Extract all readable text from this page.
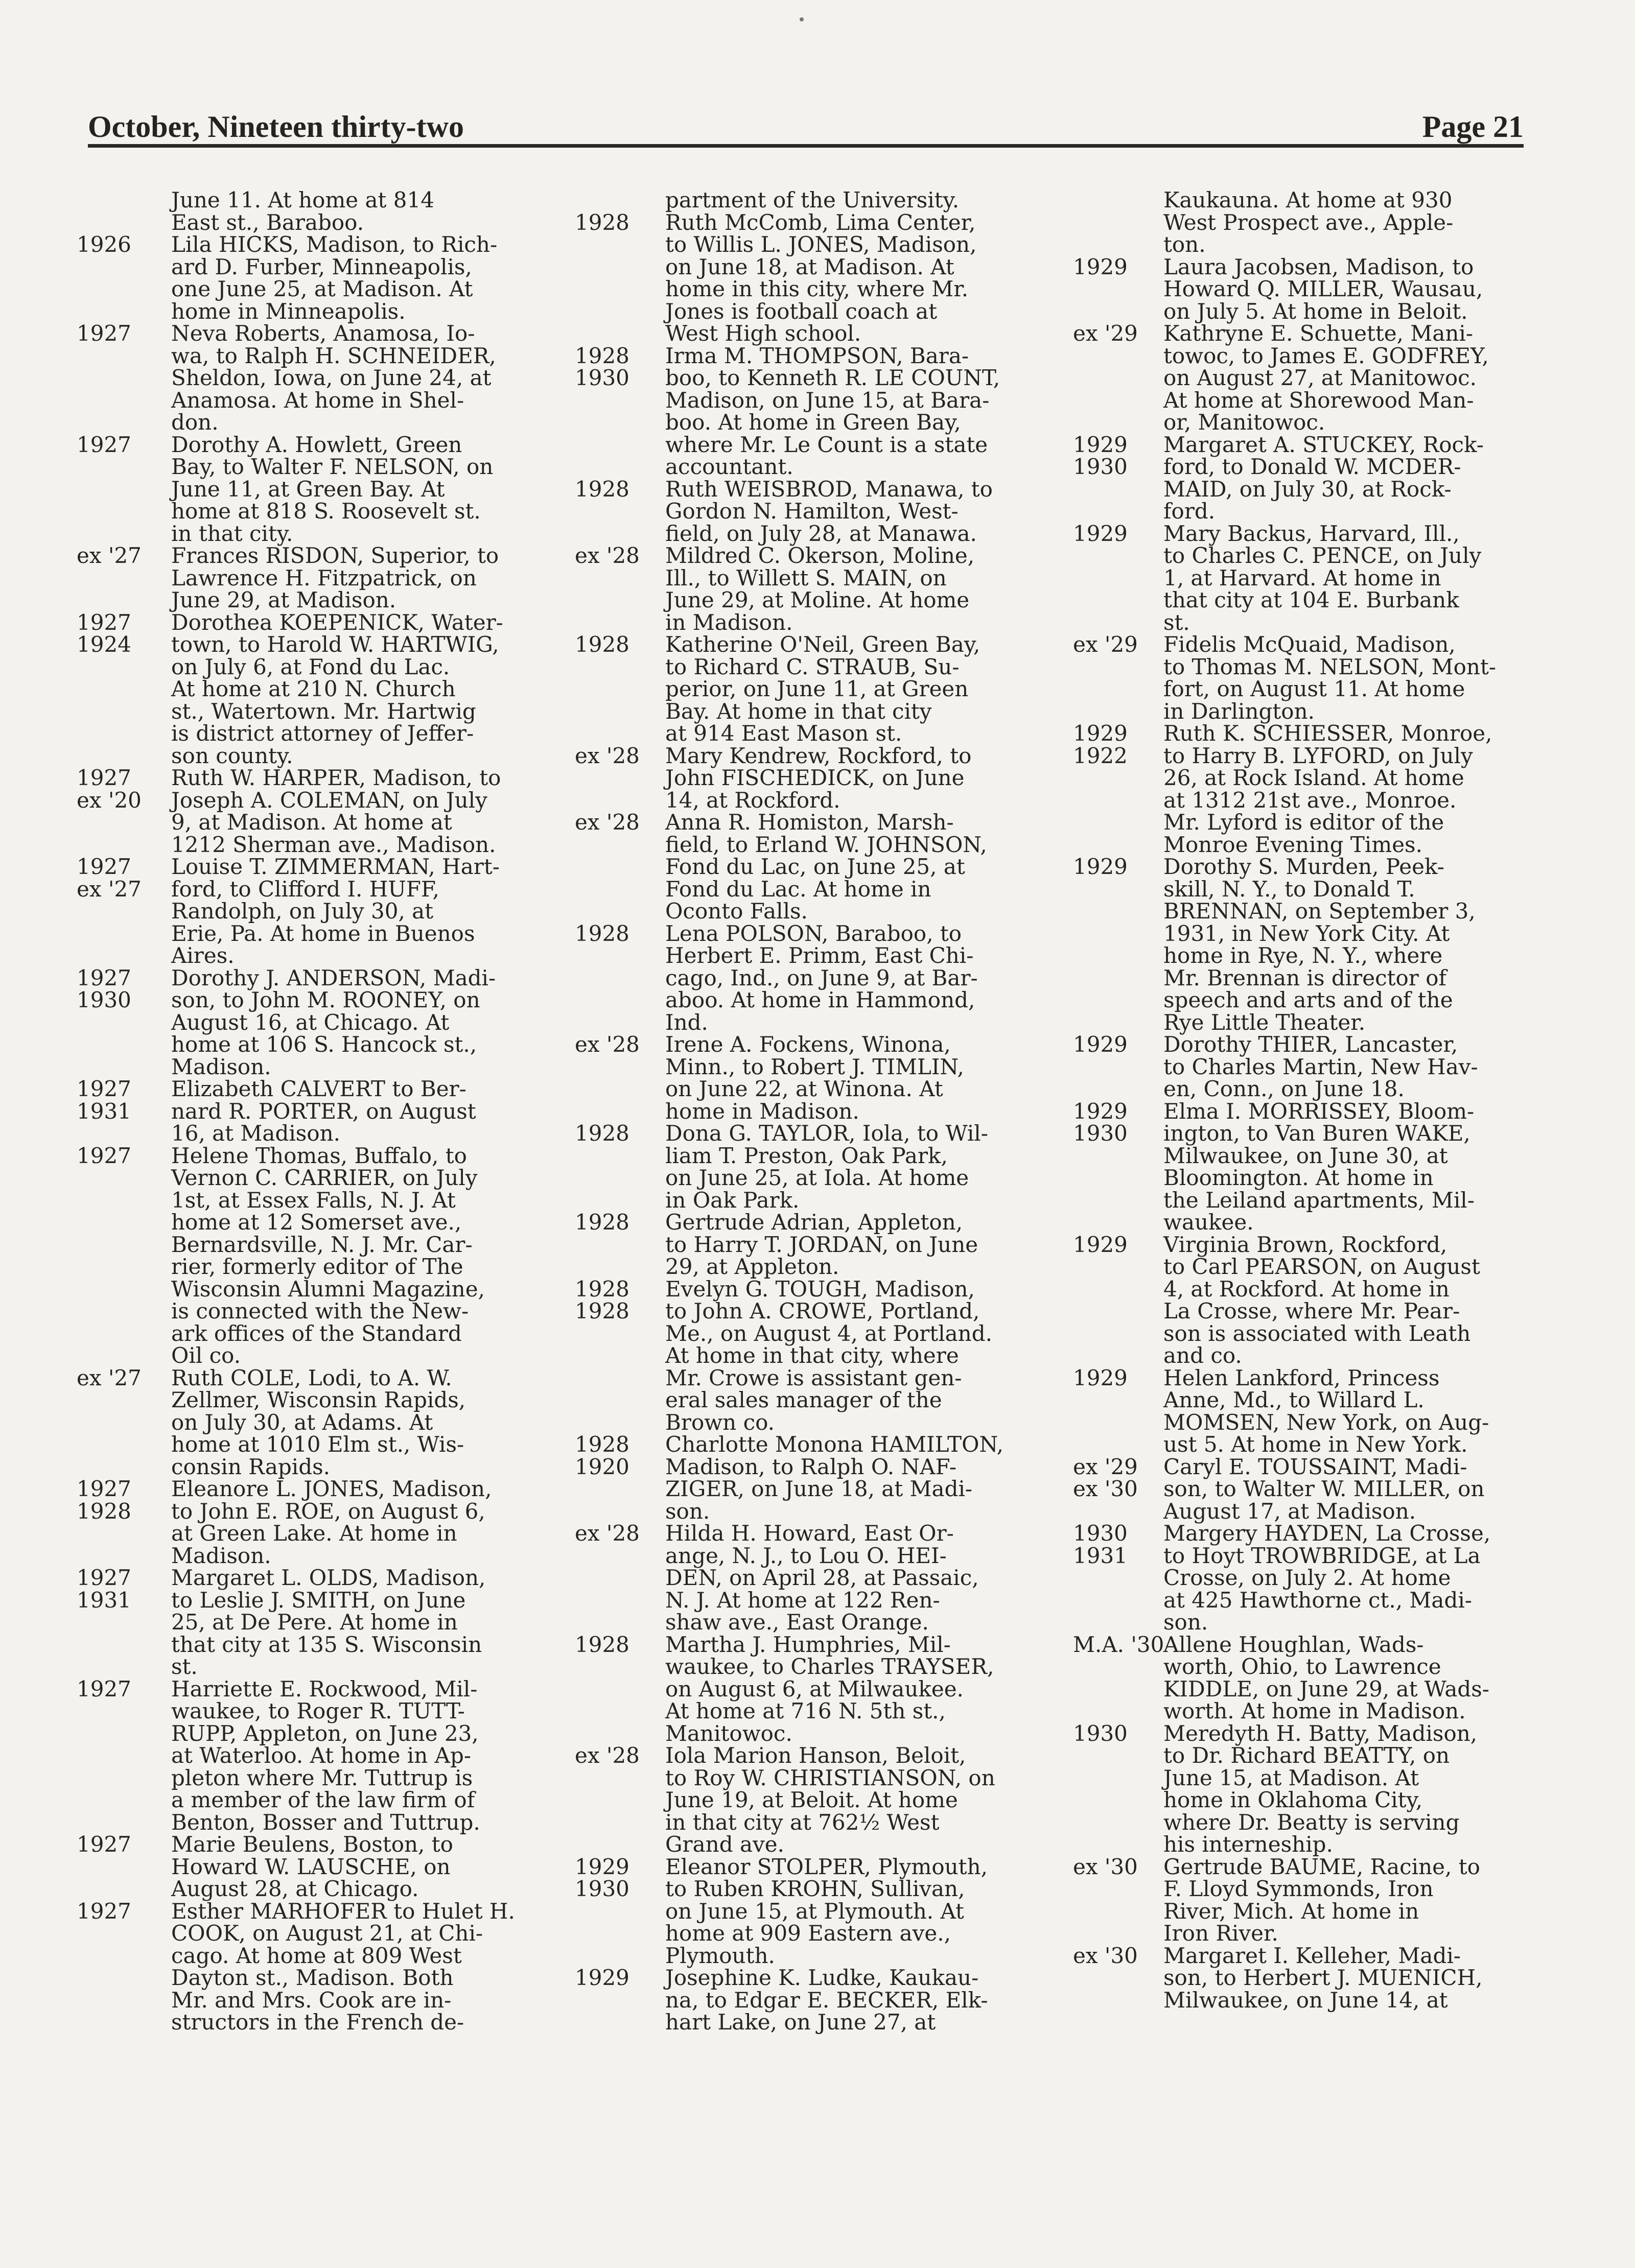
October, Nineteen thirty-two	Page 21
June 11. At home at 814
East st., Baraboo.
1926 Lila HICKS, Madison, to Rich-
ard D. Furber, Minneapolis,
one June 25, at Madison. At
home in Minneapolis.
1927 Neva Roberts, Anamosa, Io-
wa, to Ralph H. SCHNEIDER,
Sheldon, Iowa, on June 24, at
Anamosa. At home in Shel-
don.
1927 Dorothy A. Howlett, Green
Bay, to Walter F. NELSON, on
June 11, at Green Bay. At
home at 818 S. Roosevelt st.
in that city.
ex '27 Frances RISDON, Superior, to
Lawrence H. Fitzpatrick, on
June 29, at Madison.
1927 Dorothea KOEPENICK, Water-
1924 town, to Harold W. HARTWIG,
on July 6, at Fond du Lac.
At home at 210 N. Church
st., Watertown. Mr. Hartwig
is district attorney of Jeffer-
son county.
1927 Ruth W. HARPER, Madison, to
ex '20 Joseph A. COLEMAN, on July
9, at Madison. At home at
1212 Sherman ave., Madison.
1927 Louise T. ZIMMERMAN, Hart-
ex '27 ford, to Clifford I. HUFF,
Randolph, on July 30, at
Erie, Pa. At home in Buenos
Aires.
1927 Dorothy J. ANDERSON, Madi-
1930 son, to John M. ROONEY, on
August 16, at Chicago. At
home at 106 S. Hancock st.,
Madison.
1927 Elizabeth CALVERT to Ber-
1931 nard R. PORTER, on August
16, at Madison.
1927 Helene Thomas, Buffalo, to
Vernon C. CARRIER, on July
1st, at Essex Falls, N. J. At
home at 12 Somerset ave.,
Bernardsville, N. J. Mr. Car-
rier, formerly editor of The
Wisconsin Alumni Magazine,
is connected with the New-
ark offices of the Standard
Oil co.
ex '27 Ruth COLE, Lodi, to A. W.
Zellmer, Wisconsin Rapids,
on July 30, at Adams. At
home at 1010 Elm st., Wis-
consin Rapids.
1927 Eleanore L. JONES, Madison,
1928 to John E. ROE, on August 6,
at Green Lake. At home in
Madison.
1927 Margaret L. OLDS, Madison,
1931 to Leslie J. SMITH, on June
25, at De Pere. At home in
that city at 135 S. Wisconsin
st.
1927 Harriette E. Rockwood, Mil-
waukee, to Roger R. TUTT-
RUPP, Appleton, on June 23,
at Waterloo. At home in Ap-
pleton where Mr. Tuttrup is
a member of the law firm of
Benton, Bosser and Tuttrup.
1927 Marie Beulens, Boston, to
Howard W. LAUSCHE, on
August 28, at Chicago.
1927 Esther MARHOFER to Hulet H.
COOK, on August 21, at Chi-
cago. At home at 809 West
Dayton st., Madison. Both
Mr. and Mrs. Cook are in-
structors in the French de-
partment of the University.
1928 Ruth McComb, Lima Center,
to Willis L. JONES, Madison,
on June 18, at Madison. At
home in this city, where Mr.
Jones is football coach at
West High school.
1928 Irma M. THOMPSON, Bara-
1930 boo, to Kenneth R. LE COUNT,
Madison, on June 15, at Bara-
boo. At home in Green Bay,
where Mr. Le Count is a state
accountant.
1928 Ruth WEISBROD, Manawa, to
Gordon N. Hamilton, West-
field, on July 28, at Manawa.
ex '28 Mildred C. Okerson, Moline,
Ill., to Willett S. MAIN, on
June 29, at Moline. At home
in Madison.
1928 Katherine O'Neil, Green Bay,
to Richard C. STRAUB, Su-
perior, on June 11, at Green
Bay. At home in that city
at 914 East Mason st.
ex '28 Mary Kendrew, Rockford, to
John FISCHEDICK, on June
14, at Rockford.
ex '28 Anna R. Homiston, Marsh-
field, to Erland W. JOHNSON,
Fond du Lac, on June 25, at
Fond du Lac. At home in
Oconto Falls.
1928 Lena POLSON, Baraboo, to
Herbert E. Primm, East Chi-
cago, Ind., on June 9, at Bar-
aboo. At home in Hammond,
Ind.
ex '28 Irene A. Fockens, Winona,
Minn., to Robert J. TIMLIN,
on June 22, at Winona. At
home in Madison.
1928 Dona G. TAYLOR, Iola, to Wil-
liam T. Preston, Oak Park,
on June 25, at Iola. At home
in Oak Park.
1928 Gertrude Adrian, Appleton,
to Harry T. JORDAN, on June
29, at Appleton.
1928 Evelyn G. TOUGH, Madison,
1928 to John A. CROWE, Portland,
Me., on August 4, at Portland.
At home in that city, where
Mr. Crowe is assistant gen-
eral sales manager of the
Brown co.
1928 Charlotte Monona HAMILTON,
1920 Madison, to Ralph O. NAF-
ZIGER, on June 18, at Madi-
son.
ex '28 Hilda H. Howard, East Or-
ange, N. J., to Lou O. HEI-
DEN, on April 28, at Passaic,
N. J. At home at 122 Ren-
shaw ave., East Orange.
1928 Martha J. Humphries, Mil-
waukee, to Charles TRAYSER,
on August 6, at Milwaukee.
At home at 716 N. 5th st.,
Manitowoc.
ex '28 Iola Marion Hanson, Beloit,
to Roy W. CHRISTIANSON, on
June 19, at Beloit. At home
in that city at 762½ West
Grand ave.
1929 Eleanor STOLPER, Plymouth,
1930 to Ruben KROHN, Sullivan,
on June 15, at Plymouth. At
home at 909 Eastern ave.,
Plymouth.
1929 Josephine K. Ludke, Kaukau-
na, to Edgar E. BECKER, Elk-
hart Lake, on June 27, at
Kaukauna. At home at 930
West Prospect ave., Apple-
ton.
1929 Laura Jacobsen, Madison, to
Howard Q. MILLER, Wausau,
on July 5. At home in Beloit.
ex '29 Kathryne E. Schuette, Mani-
towoc, to James E. GODFREY,
on August 27, at Manitowoc.
At home at Shorewood Man-
or, Manitowoc.
1929 Margaret A. STUCKEY, Rock-
1930 ford, to Donald W. MCDER-
MAID, on July 30, at Rock-
ford.
1929 Mary Backus, Harvard, Ill.,
to Charles C. PENCE, on July
1, at Harvard. At home in
that city at 104 E. Burbank
st.
ex '29 Fidelis McQuaid, Madison,
to Thomas M. NELSON, Mont-
fort, on August 11. At home
in Darlington.
1929 Ruth K. SCHIESSER, Monroe,
1922 to Harry B. LYFORD, on July
26, at Rock Island. At home
at 1312 21st ave., Monroe.
Mr. Lyford is editor of the
Monroe Evening Times.
1929 Dorothy S. Murden, Peek-
skill, N. Y., to Donald T.
BRENNAN, on September 3,
1931, in New York City. At
home in Rye, N. Y., where
Mr. Brennan is director of
speech and arts and of the
Rye Little Theater.
1929 Dorothy THIER, Lancaster,
to Charles Martin, New Hav-
en, Conn., on June 18.
1929 Elma I. MORRISSEY, Bloom-
1930 ington, to Van Buren WAKE,
Milwaukee, on June 30, at
Bloomington. At home in
the Leiland apartments, Mil-
waukee.
1929 Virginia Brown, Rockford,
to Carl PEARSON, on August
4, at Rockford. At home in
La Crosse, where Mr. Pear-
son is associated with Leath
and co.
1929 Helen Lankford, Princess
Anne, Md., to Willard L.
MOMSEN, New York, on Aug-
ust 5. At home in New York.
ex '29 Caryl E. TOUSSAINT, Madi-
ex '30 son, to Walter W. MILLER, on
August 17, at Madison.
1930 Margery HAYDEN, La Crosse,
1931 to Hoyt TROWBRIDGE, at La
Crosse, on July 2. At home
at 425 Hawthorne ct., Madi-
son.
M.A. '30
Allene Houghlan, Wads-
worth, Ohio, to Lawrence
KIDDLE, on June 29, at Wads-
worth. At home in Madison.
1930 Meredyth H. Batty, Madison,
to Dr. Richard BEATTY, on
June 15, at Madison. At
home in Oklahoma City,
where Dr. Beatty is serving
his interneship.
ex '30 Gertrude BAUME, Racine, to
F. Lloyd Symmonds, Iron
River, Mich. At home in
Iron River.
ex '30 Margaret I. Kelleher, Madi-
son, to Herbert J. MUENICH,
Milwaukee, on June 14, at
